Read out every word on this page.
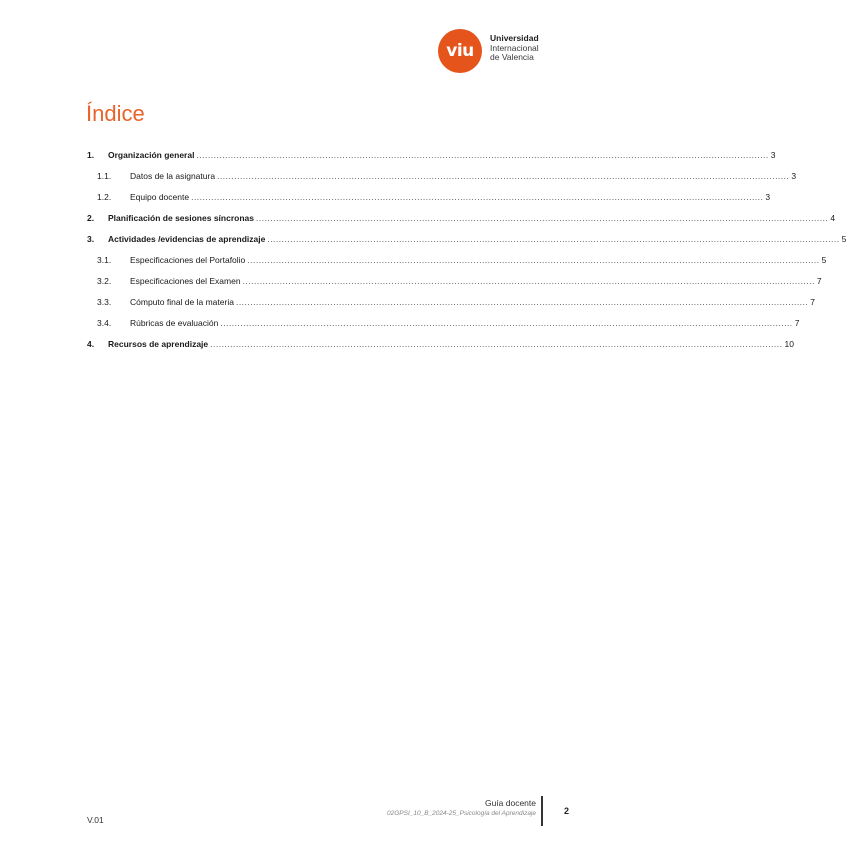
viu
Universidad
Internacional
de Valencia
Índice
1.	Organización general ........................................................................................................................................................................................................ 3
1.1.	Datos de la asignatura ........................................................................................................................................................................................................ 3
1.2.	Equipo docente ........................................................................................................................................................................................................ 3
2.	Planificación de sesiones síncronas ........................................................................................................................................................................................................ 4
3.	Actividades /evidencias de aprendizaje ........................................................................................................................................................................................................ 5
3.1.	Especificaciones del Portafolio ........................................................................................................................................................................................................ 5
3.2.	Especificaciones del Examen ........................................................................................................................................................................................................ 7
3.3.	Cómputo final de la materia ........................................................................................................................................................................................................ 7
3.4.	Rúbricas de evaluación ........................................................................................................................................................................................................ 7
4.	Recursos de aprendizaje ........................................................................................................................................................................................................ 10
V.01
Guía docente
02GPSI_10_B_2024-25_Psicología del Aprendizaje	2
